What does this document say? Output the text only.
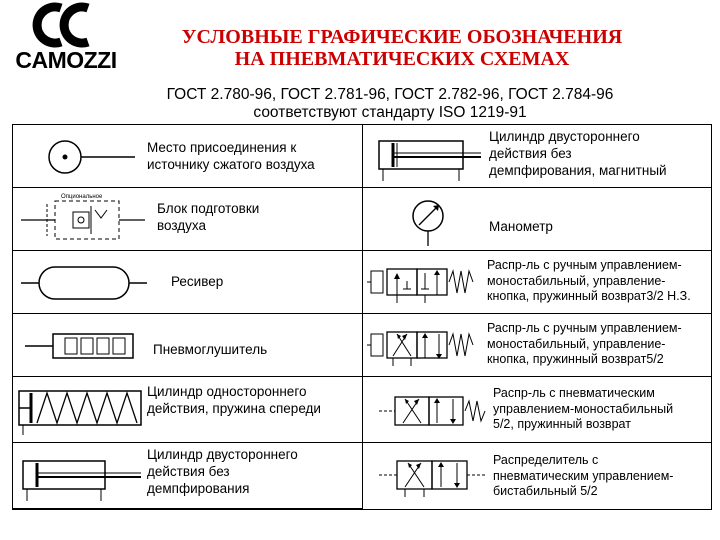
CAMOZZI
УСЛОВНЫЕ ГРАФИЧЕСКИЕ ОБОЗНАЧЕНИЯ
НА ПНЕВМАТИЧЕСКИХ СХЕМАХ
ГОСТ 2.780-96, ГОСТ 2.781-96, ГОСТ 2.782-96, ГОСТ 2.784-96
соответствуют стандарту ISO 1219-91
Место присоединения к
источнику сжатого воздуха
Опциональное
Блок подготовки
воздуха
Ресивер
Пневмоглушитель
Цилиндр одностороннего
действия, пружина спереди
Цилиндр двустороннего
действия без
демпфирования
Цилиндр двустороннего
действия без
демпфирования, магнитный
Манометр
Распр-ль с ручным управлением-
моностабильный, управление-
кнопка, пружинный возврат3/2 Н.З.
Распр-ль с ручным управлением-
моностабильный, управление-
кнопка, пружинный возврат5/2
Распр-ль с пневматическим
управлением-моностабильный
5/2, пружинный возврат
Распределитель с
пневматическим управлением-
бистабильный 5/2
